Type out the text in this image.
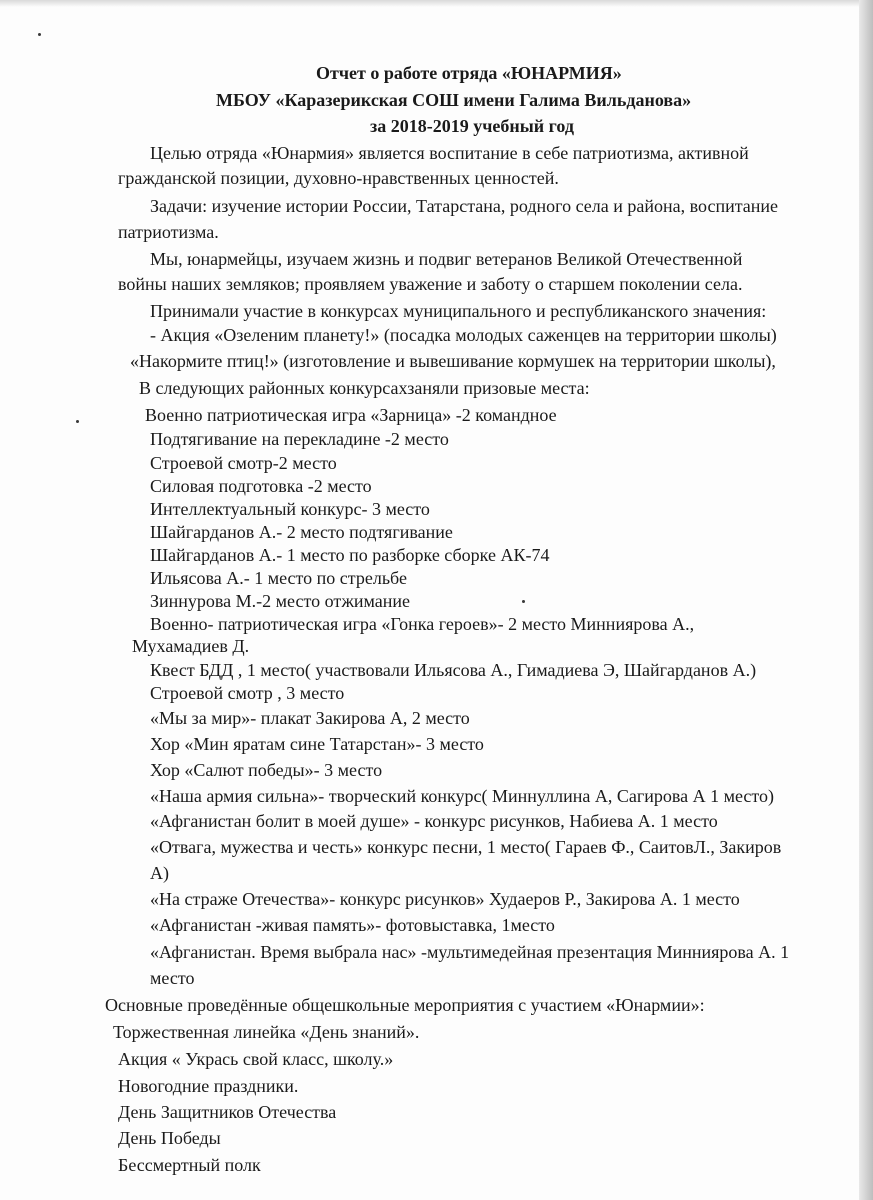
Отчет о работе отряда «ЮНАРМИЯ»
МБОУ «Каразерикская СОШ имени Галима Вильданова»
за 2018-2019 учебный год
Целью отряда «Юнармия» является воспитание в себе патриотизма, активной
гражданской позиции, духовно-нравственных ценностей.
Задачи: изучение истории России, Татарстана, родного села и района, воспитание
патриотизма.
Мы, юнармейцы, изучаем жизнь и подвиг ветеранов Великой Отечественной
войны наших земляков; проявляем уважение и заботу о старшем поколении села.
Принимали участие в конкурсах муниципального и республиканского значения:
- Акция «Озеленим планету!» (посадка молодых саженцев на территории школы)
«Накормите птиц!» (изготовление и вывешивание кормушек на территории школы),
В следующих районных конкурсахзаняли призовые места:
Военно патриотическая игра «Зарница» -2 командное
Подтягивание на перекладине -2 место
Строевой смотр-2 место
Силовая подготовка -2 место
Интеллектуальный конкурс- 3 место
Шайгарданов А.- 2 место подтягивание
Шайгарданов А.- 1 место по разборке сборке АК-74
Ильясова А.- 1 место по стрельбе
Зиннурова М.-2 место отжимание
Военно- патриотическая игра «Гонка героев»- 2 место Минниярова А.,
Мухамадиев Д.
Квест БДД , 1 место( участвовали Ильясова А., Гимадиева Э, Шайгарданов А.)
Строевой смотр , 3 место
«Мы за мир»- плакат Закирова А, 2 место
Хор «Мин яратам сине Татарстан»- 3 место
Хор «Салют победы»- 3 место
«Наша армия сильна»- творческий конкурс( Миннуллина А, Сагирова А 1 место)
«Афганистан болит в моей душе» - конкурс рисунков, Набиева А. 1 место
«Отвага, мужества и честь» конкурс песни, 1 место( Гараев Ф., СаитовЛ., Закиров
А)
«На страже Отечества»- конкурс рисунков» Худаеров Р., Закирова А. 1 место
«Афганистан -живая память»- фотовыставка, 1место
«Афганистан. Время выбрала нас» -мультимедейная презентация Минниярова А. 1
место
Основные проведённые общешкольные мероприятия с участием «Юнармии»:
Торжественная линейка «День знаний».
Акция « Укрась свой класс, школу.»
Новогодние праздники.
День Защитников Отечества
День Победы
Бессмертный полк
